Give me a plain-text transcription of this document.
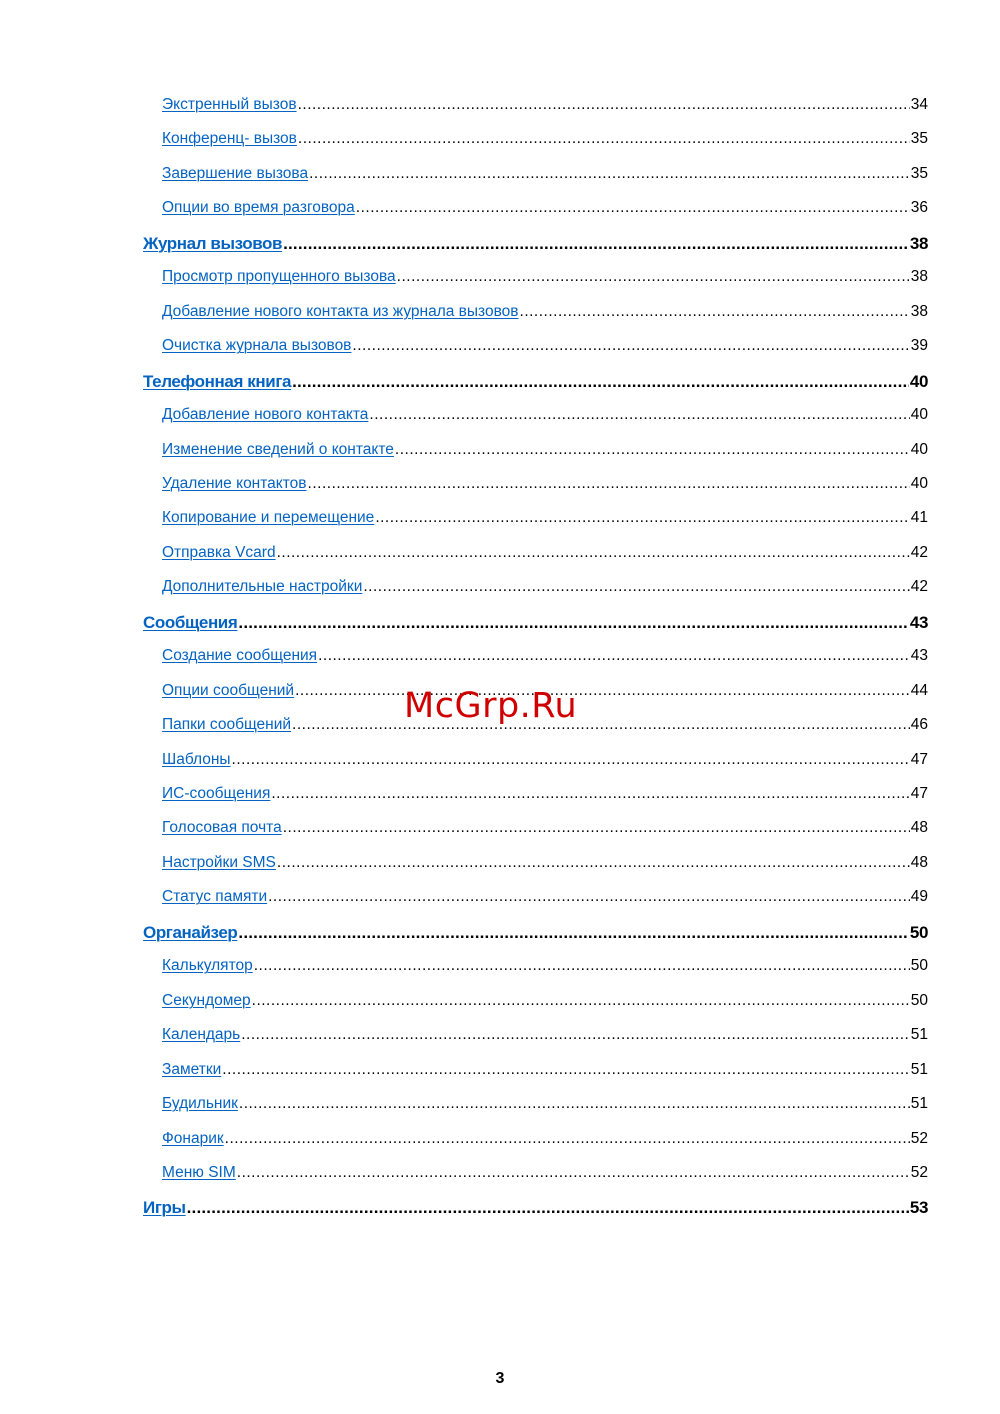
Экстренный вызов .....	34
Конференц- вызов .....	35
Завершение вызова .....	35
Опции во время разговора .....	36
Журнал вызовов .....	38
Просмотр пропущенного вызова .....	38
Добавление нового контакта из журнала вызовов .....	38
Очистка журнала вызовов .....	39
Телефонная книга .....	40
Добавление нового контакта .....	40
Изменение сведений о контакте .....	40
Удаление контактов .....	40
Копирование и перемещение .....	41
Отправка Vcard .....	42
Дополнительные настройки .....	42
Сообщения .....	43
Создание сообщения .....	43
Опции сообщений .....	44
Папки сообщений .....	46
Шаблоны .....	47
ИС-сообщения .....	47
Голосовая почта .....	48
Настройки SMS .....	48
Статус памяти .....	49
Органайзер .....	50
Калькулятор .....	50
Секундомер .....	50
Календарь .....	51
Заметки .....	51
Будильник .....	51
Фонарик .....	52
Меню SIM .....	52
Игры .....	53
McGrp.Ru
3
